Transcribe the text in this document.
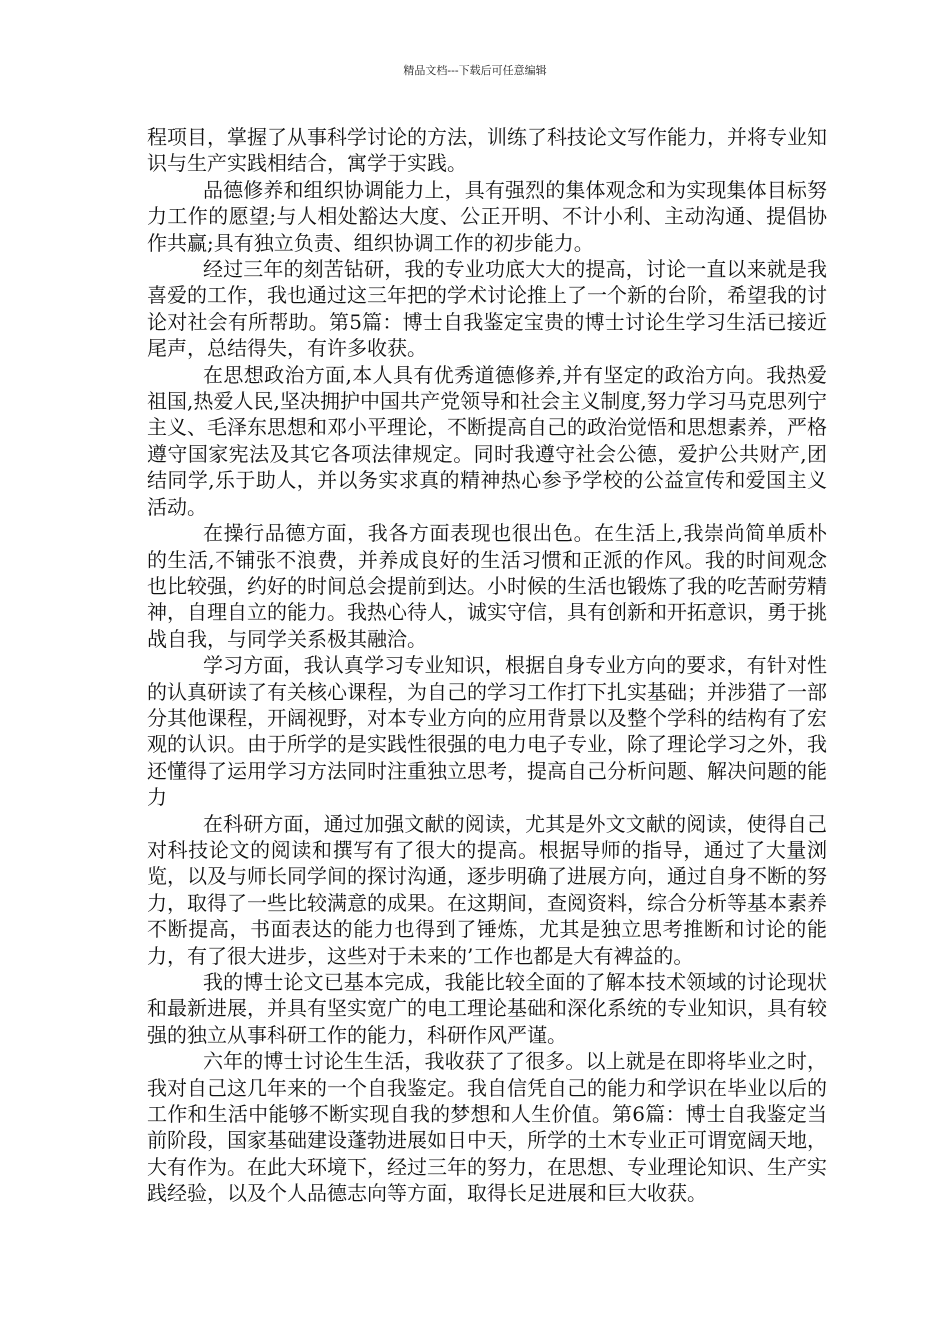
精品文档---下载后可任意编辑

程项目，掌握了从事科学讨论的方法，训练了科技论文写作能力，并将专业知识与生产实践相结合，寓学于实践。

品德修养和组织协调能力上，具有强烈的集体观念和为实现集体目标努力工作的愿望;与人相处豁达大度、公正开明、不计小利、主动沟通、提倡协作共赢;具有独立负责、组织协调工作的初步能力。

经过三年的刻苦钻研，我的专业功底大大的提高，讨论一直以来就是我喜爱的工作，我也通过这三年把的学术讨论推上了一个新的台阶，希望我的讨论对社会有所帮助。第5篇：博士自我鉴定宝贵的博士讨论生学习生活已接近尾声，总结得失，有许多收获。

在思想政治方面,本人具有优秀道德修养,并有坚定的政治方向。我热爱祖国,热爱人民,坚决拥护中国共产党领导和社会主义制度,努力学习马克思列宁主义、毛泽东思想和邓小平理论，不断提高自己的政治觉悟和思想素养，严格遵守国家宪法及其它各项法律规定。同时我遵守社会公德，爱护公共财产,团结同学,乐于助人，并以务实求真的精神热心参予学校的公益宣传和爱国主义活动。

在操行品德方面，我各方面表现也很出色。在生活上,我崇尚简单质朴的生活,不铺张不浪费，并养成良好的生活习惯和正派的作风。我的时间观念也比较强，约好的时间总会提前到达。小时候的生活也锻炼了我的吃苦耐劳精神，自理自立的能力。我热心待人，诚实守信，具有创新和开拓意识，勇于挑战自我，与同学关系极其融洽。

学习方面，我认真学习专业知识，根据自身专业方向的要求，有针对性的认真研读了有关核心课程，为自己的学习工作打下扎实基础；并涉猎了一部分其他课程，开阔视野，对本专业方向的应用背景以及整个学科的结构有了宏观的认识。由于所学的是实践性很强的电力电子专业，除了理论学习之外，我还懂得了运用学习方法同时注重独立思考，提高自己分析问题、解决问题的能力

在科研方面，通过加强文献的阅读，尤其是外文文献的阅读，使得自己对科技论文的阅读和撰写有了很大的提高。根据导师的指导，通过了大量浏览，以及与师长同学间的探讨沟通，逐步明确了进展方向，通过自身不断的努力，取得了一些比较满意的成果。在这期间，查阅资料，综合分析等基本素养不断提高，书面表达的能力也得到了锤炼，尤其是独立思考推断和讨论的能力，有了很大进步，这些对于未来的’工作也都是大有裨益的。

我的博士论文已基本完成，我能比较全面的了解本技术领域的讨论现状和最新进展，并具有坚实宽广的电工理论基础和深化系统的专业知识，具有较强的独立从事科研工作的能力，科研作风严谨。

六年的博士讨论生生活，我收获了了很多。以上就是在即将毕业之时，我对自己这几年来的一个自我鉴定。我自信凭自己的能力和学识在毕业以后的工作和生活中能够不断实现自我的梦想和人生价值。第6篇：博士自我鉴定当前阶段，国家基础建设蓬勃进展如日中天，所学的土木专业正可谓宽阔天地，大有作为。在此大环境下，经过三年的努力，在思想、专业理论知识、生产实践经验，以及个人品德志向等方面，取得长足进展和巨大收获。
